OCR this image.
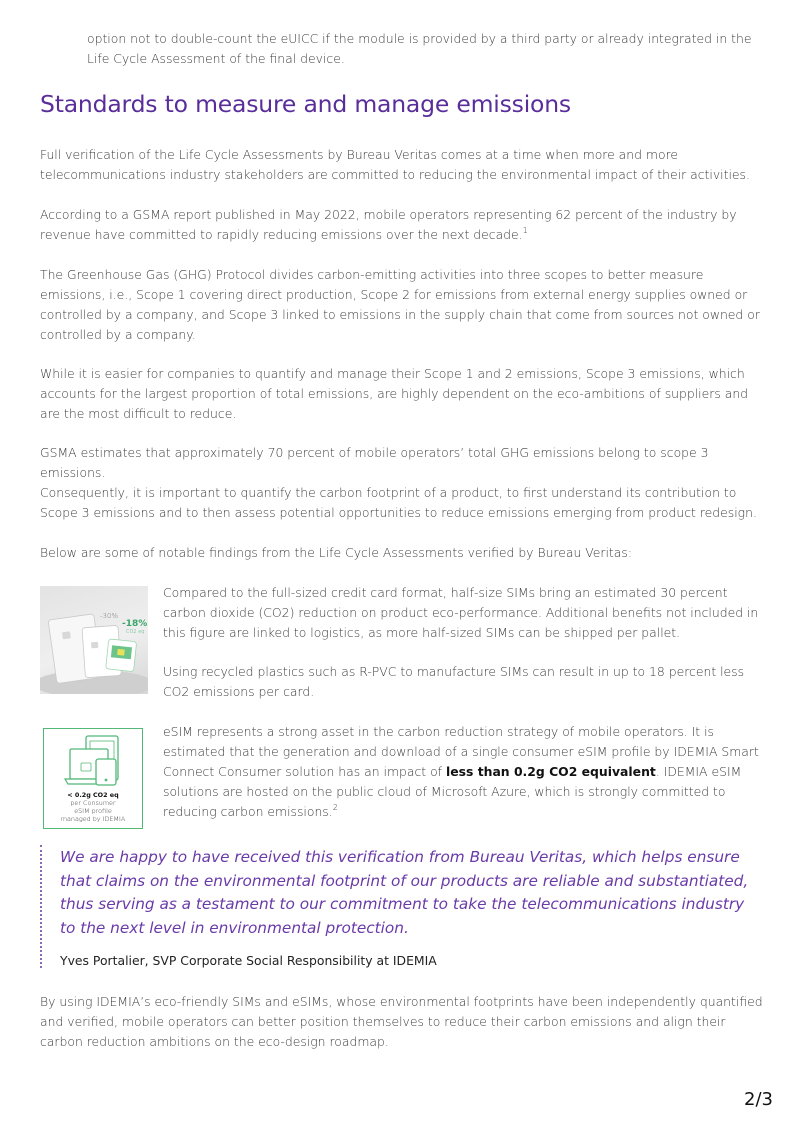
option not to double-count the eUICC if the module is provided by a third party or already integrated in the Life Cycle Assessment of the final device.

Standards to measure and manage emissions

Full verification of the Life Cycle Assessments by Bureau Veritas comes at a time when more and more telecommunications industry stakeholders are committed to reducing the environmental impact of their activities.

According to a GSMA report published in May 2022, mobile operators representing 62 percent of the industry by revenue have committed to rapidly reducing emissions over the next decade.$^1$

The Greenhouse Gas (GHG) Protocol divides carbon-emitting activities into three scopes to better measure emissions, i.e., Scope 1 covering direct production, Scope 2 for emissions from external energy supplies owned or controlled by a company, and Scope 3 linked to emissions in the supply chain that come from sources not owned or controlled by a company.

While it is easier for companies to quantify and manage their Scope 1 and 2 emissions, Scope 3 emissions, which accounts for the largest proportion of total emissions, are highly dependent on the eco-ambitions of suppliers and are the most difficult to reduce.

GSMA estimates that approximately 70 percent of mobile operators’ total GHG emissions belong to scope 3 emissions.

Consequently, it is important to quantify the carbon footprint of a product, to first understand its contribution to Scope 3 emissions and to then assess potential opportunities to reduce emissions emerging from product redesign.

Below are some of notable findings from the Life Cycle Assessments verified by Bureau Veritas:

-30%
-18%
CO2 eq

Compared to the full-sized credit card format, half-size SIMs bring an estimated 30 percent carbon dioxide (CO2) reduction on product eco-performance. Additional benefits not included in this figure are linked to logistics, as more half-sized SIMs can be shipped per pallet.

Using recycled plastics such as R-PVC to manufacture SIMs can result in up to 18 percent less CO2 emissions per card.

< 0.2g CO2 eq
per Consumer
eSIM profile
managed by IDEMIA

eSIM represents a strong asset in the carbon reduction strategy of mobile operators. It is estimated that the generation and download of a single consumer eSIM profile by IDEMIA Smart Connect Consumer solution has an impact of less than 0.2g CO2 equivalent. IDEMIA eSIM solutions are hosted on the public cloud of Microsoft Azure, which is strongly committed to reducing carbon emissions.$^2$

We are happy to have received this verification from Bureau Veritas, which helps ensure that claims on the environmental footprint of our products are reliable and substantiated, thus serving as a testament to our commitment to take the telecommunications industry to the next level in environmental protection.

Yves Portalier, SVP Corporate Social Responsibility at IDEMIA

By using IDEMIA’s eco-friendly SIMs and eSIMs, whose environmental footprints have been independently quantified and verified, mobile operators can better position themselves to reduce their carbon emissions and align their carbon reduction ambitions on the eco-design roadmap.

2/3
